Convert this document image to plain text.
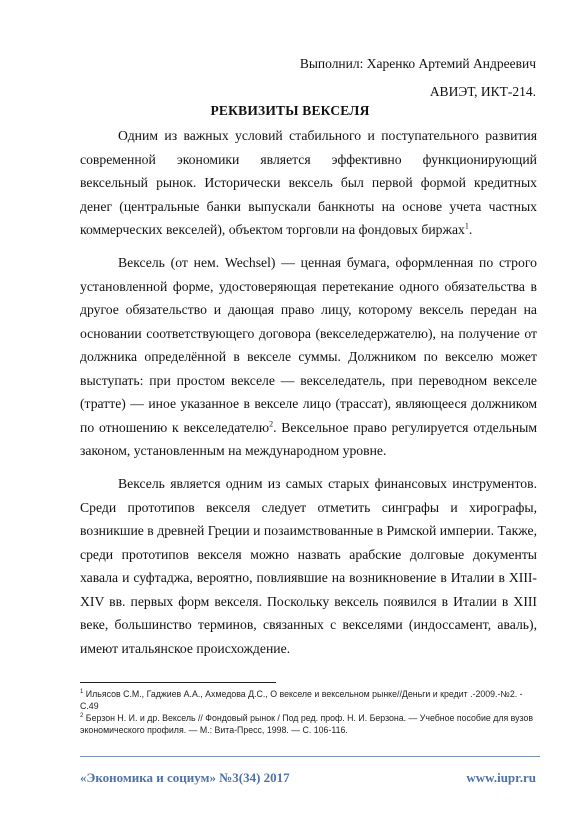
Выполнил: Харенко Артемий Андреевич
АВИЭТ, ИКТ-214.
РЕКВИЗИТЫ ВЕКСЕЛЯ

Одним из важных условий стабильного и поступательного развития современной экономики является эффективно функционирующий вексельный рынок. Исторически вексель был первой формой кредитных денег (центральные банки выпускали банкноты на основе учета частных коммерческих векселей), объектом торговли на фондовых биржах$^1$.

Вексель (от нем. Wechsel) — ценная бумага, оформленная по строго установленной форме, удостоверяющая перетекание одного обязательства в другое обязательство и дающая право лицу, которому вексель передан на основании соответствующего договора (векселедержателю), на получение от должника определённой в векселе суммы. Должником по векселю может выступать: при простом векселе — векселедатель, при переводном векселе (тратте) — иное указанное в векселе лицо (трассат), являющееся должником по отношению к векселедателю$^2$. Вексельное право регулируется отдельным законом, установленным на международном уровне.

Вексель является одним из самых старых финансовых инструментов. Среди прототипов векселя следует отметить синграфы и хирографы, возникшие в древней Греции и позаимствованные в Римской империи. Также, среди прототипов векселя можно назвать арабские долговые документы хавала и суфтаджа, вероятно, повлиявшие на возникновение в Италии в XIII-XIV вв. первых форм векселя. Поскольку вексель появился в Италии в XIII веке, большинство терминов, связанных с векселями (индоссамент, аваль), имеют итальянское происхождение.

$^1$ Ильясов С.М., Гаджиев А.А., Ахмедова Д.С., О векселе и вексельном рынке//Деньги и кредит .-2009.-№2. - С.49
$^2$ Берзон Н. И. и др. Вексель // Фондовый рынок / Под ред. проф. Н. И. Берзона. — Учебное пособие для вузов экономического профиля. — М.: Вита-Пресс, 1998. — С. 106-116.
«Экономика и социум» №3(34) 2017	www.iupr.ru
